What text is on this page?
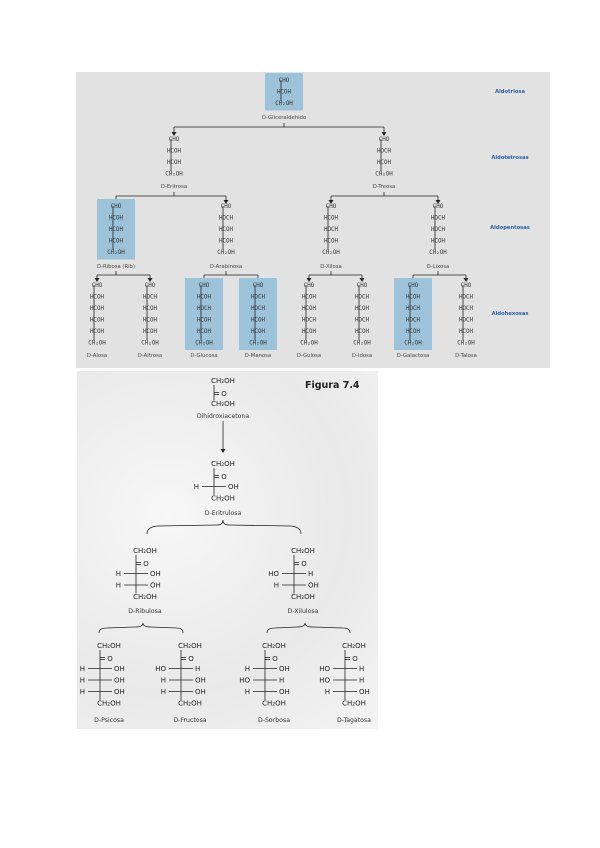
Aldotriosa
Aldotetrosas
Aldopentosas
Aldohexosas
CHO
HCOH
CH₂OH
D-Gliceraldehido
CHO
HCOH
HCOH
CH₂OH
D-Eritrosa
CHO
HOCH
HCOH
CH₂OH
D-Treosa
CHO
HCOH
HCOH
HCOH
CH₂OH
D-Ribosa (Rib)
CHO
HOCH
HCOH
HCOH
CH₂OH
D-Arabinosa
CHO
HCOH
HOCH
HCOH
CH₂OH
D-Xilosa
CHO
HOCH
HOCH
HCOH
CH₂OH
D-Lixosa
CHO
HCOH
HCOH
HCOH
HCOH
CH₂OH
D-Alosa
CHO
HOCH
HCOH
HCOH
HCOH
CH₂OH
D-Altrosa
CHO
HCOH
HOCH
HCOH
HCOH
CH₂OH
D-Glucosa
CHO
HOCH
HOCH
HCOH
HCOH
CH₂OH
D-Manosa
CHO
HCOH
HCOH
HOCH
HCOH
CH₂OH
D-Gulosa
CHO
HOCH
HCOH
HOCH
HCOH
CH₂OH
D-Idosa
CHO
HCOH
HOCH
HOCH
HCOH
CH₂OH
D-Galactosa
CHO
HOCH
HOCH
HOCH
HCOH
CH₂OH
D-Talosa
Figura 7.4
CH₂OH
O
CH₂OH
Dihidroxiacetona
CH₂OH
O
H	OH
CH₂OH
D-Eritrulosa
CH₂OH
O
H	OH
H	OH
CH₂OH
D-Ribulosa
CH₂OH
O
HO	H
H	OH
CH₂OH
D-Xilulosa
CH₂OH
O
H	OH
H	OH
H	OH
CH₂OH
D-Psicosa
CH₂OH
O
HO	H
H	OH
H	OH
CH₂OH
D-Fructosa
CH₂OH
O
H	OH
HO	H
H	OH
CH₂OH
D-Sorbosa
CH₂OH
O
HO	H
HO	H
H	OH
CH₂OH
D-Tagatosa
